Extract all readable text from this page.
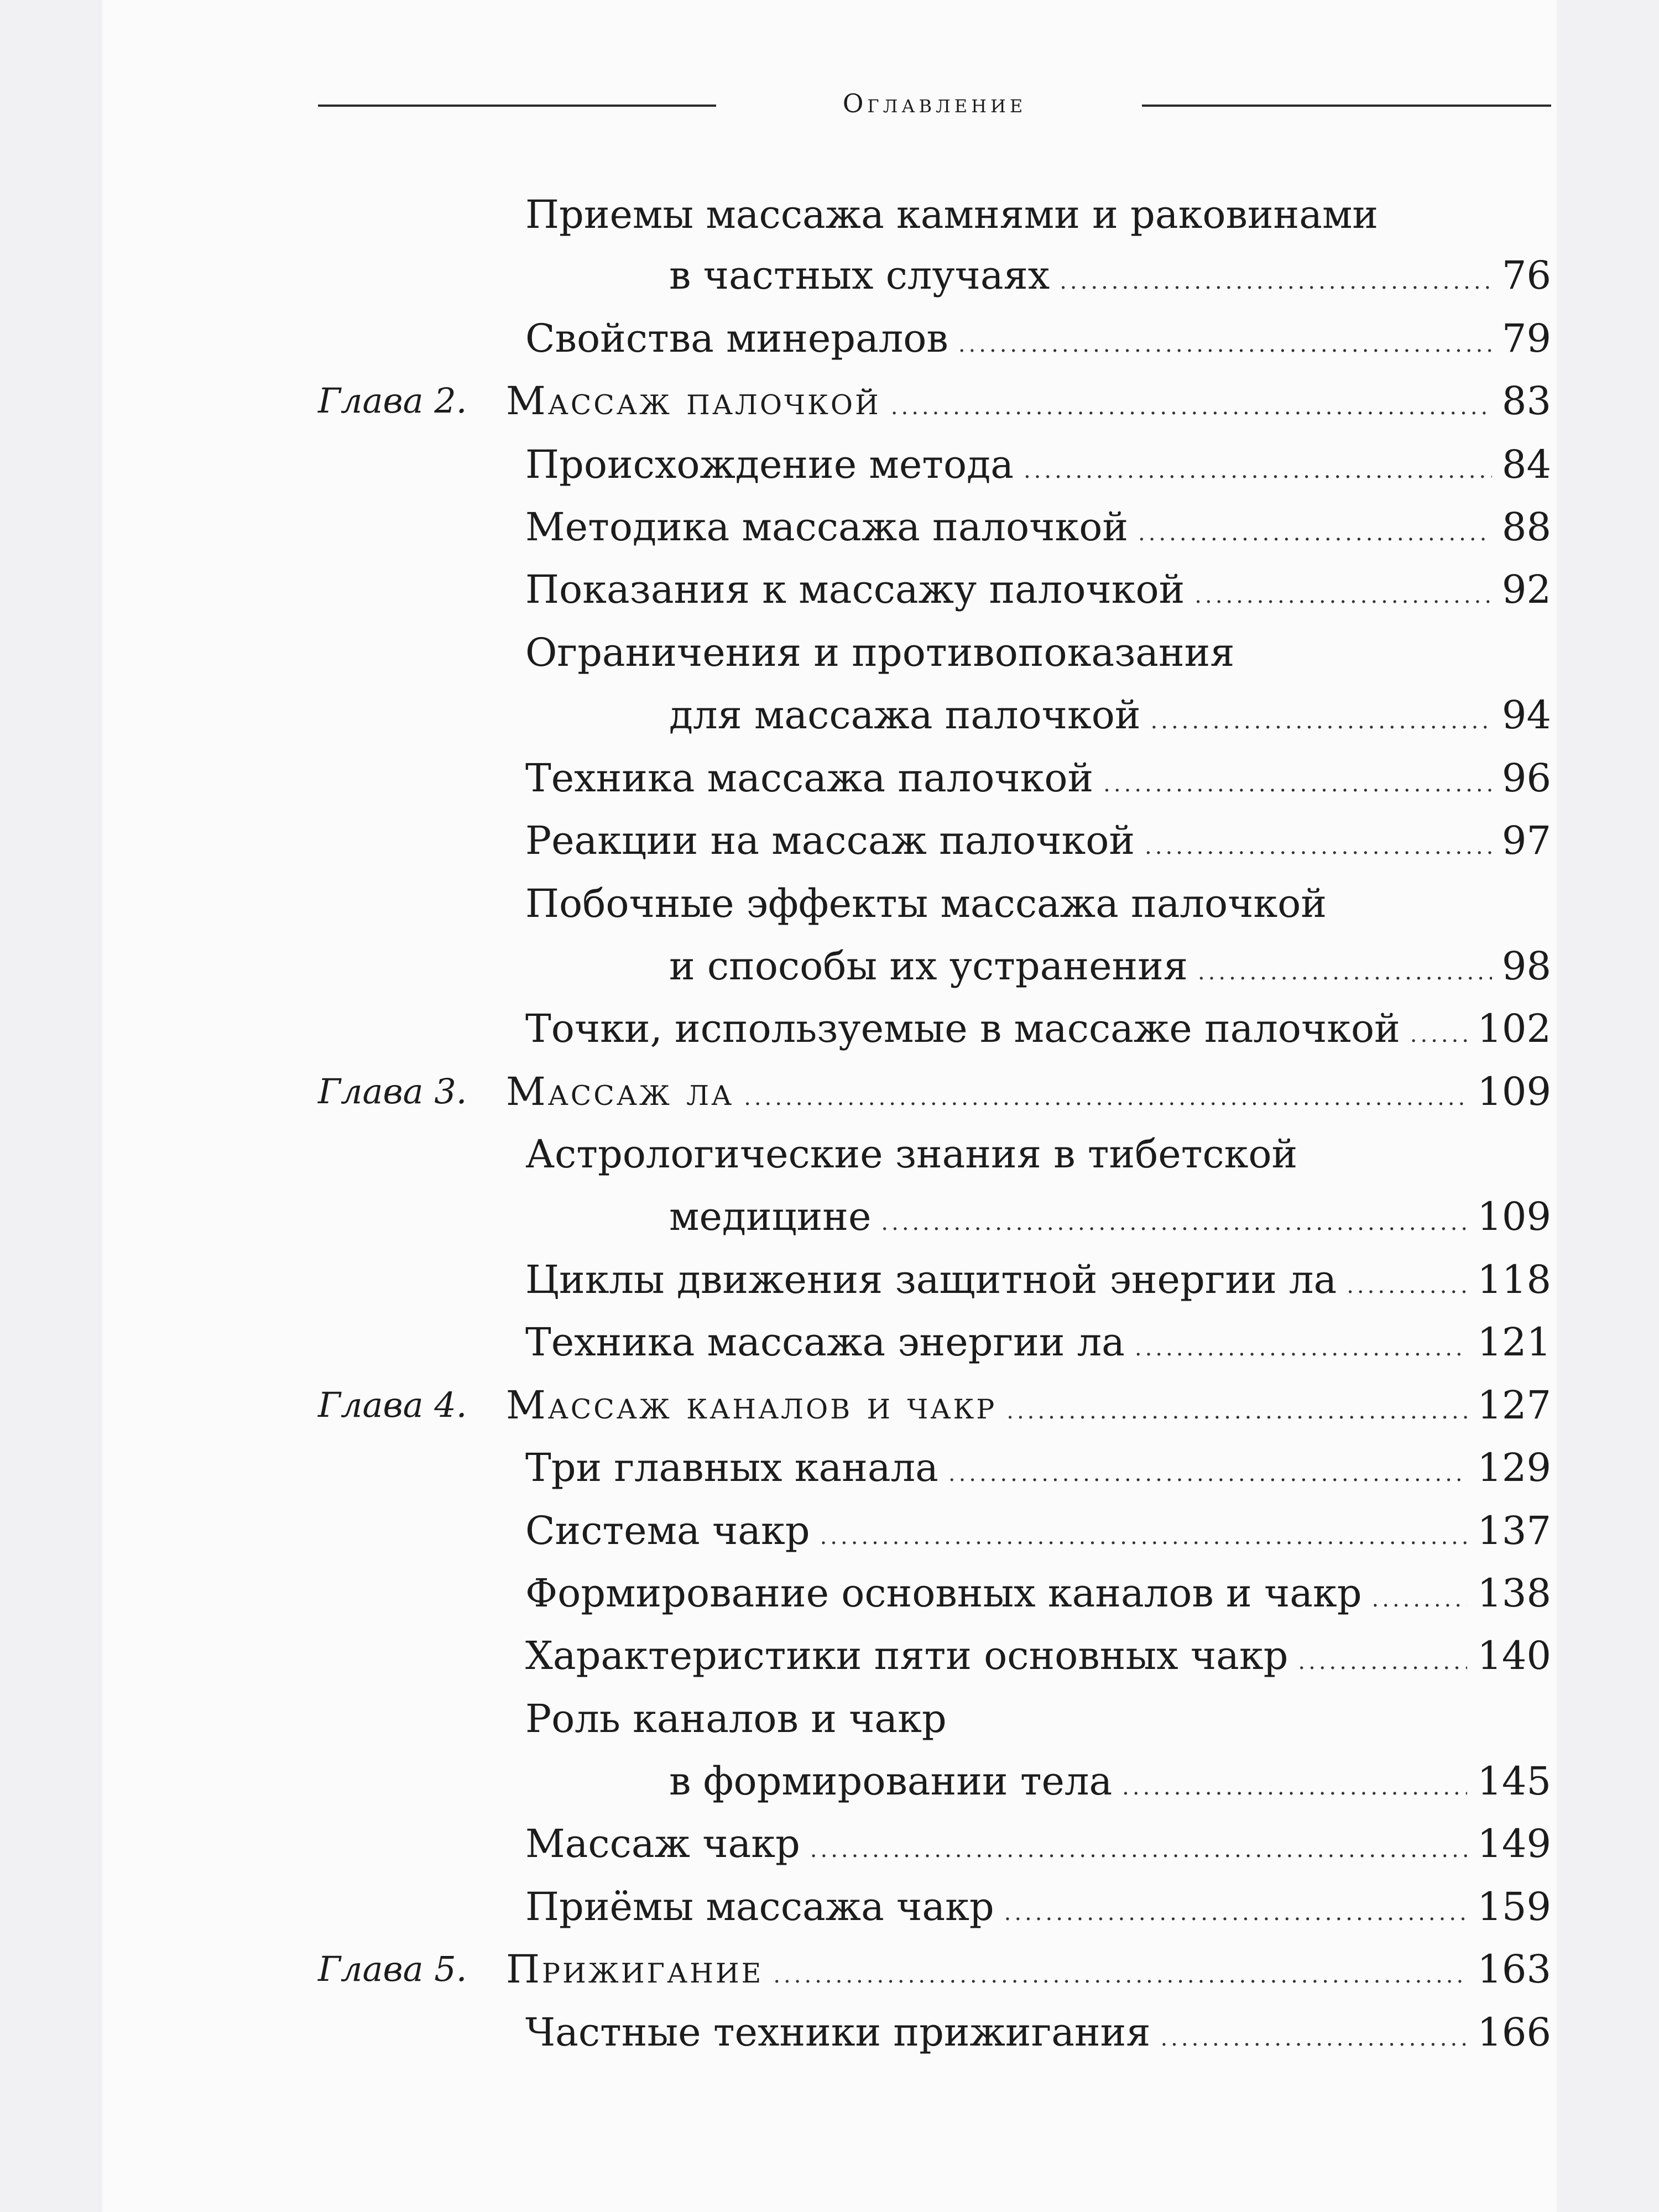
Оглавление
Приемы массажа камнями и раковинами
в частных случаях .....	76
Свойства минералов .....	79
Глава 2. Массаж палочкой .....	83
Происхождение метода .....	84
Методика массажа палочкой .....	88
Показания к массажу палочкой .....	92
Ограничения и противопоказания
для массажа палочкой .....	94
Техника массажа палочкой .....	96
Реакции на массаж палочкой .....	97
Побочные эффекты массажа палочкой
и способы их устранения .....	98
Точки, используемые в массаже палочкой ..... 102
Глава 3. Массаж ла .....	109
Астрологические знания в тибетской
медицине .....	109
Циклы движения защитной энергии ла .....	118
Техника массажа энергии ла .....	121
Глава 4. Массаж каналов и чакр .....	127
Три главных канала .....	129
Система чакр .....	137
Формирование основных каналов и чакр .....	138
Характеристики пяти основных чакр .....	140
Роль каналов и чакр
в формировании тела .....	145
Массаж чакр .....	149
Приёмы массажа чакр .....	159
Глава 5. Прижигание .....	163
Частные техники прижигания .....	166
